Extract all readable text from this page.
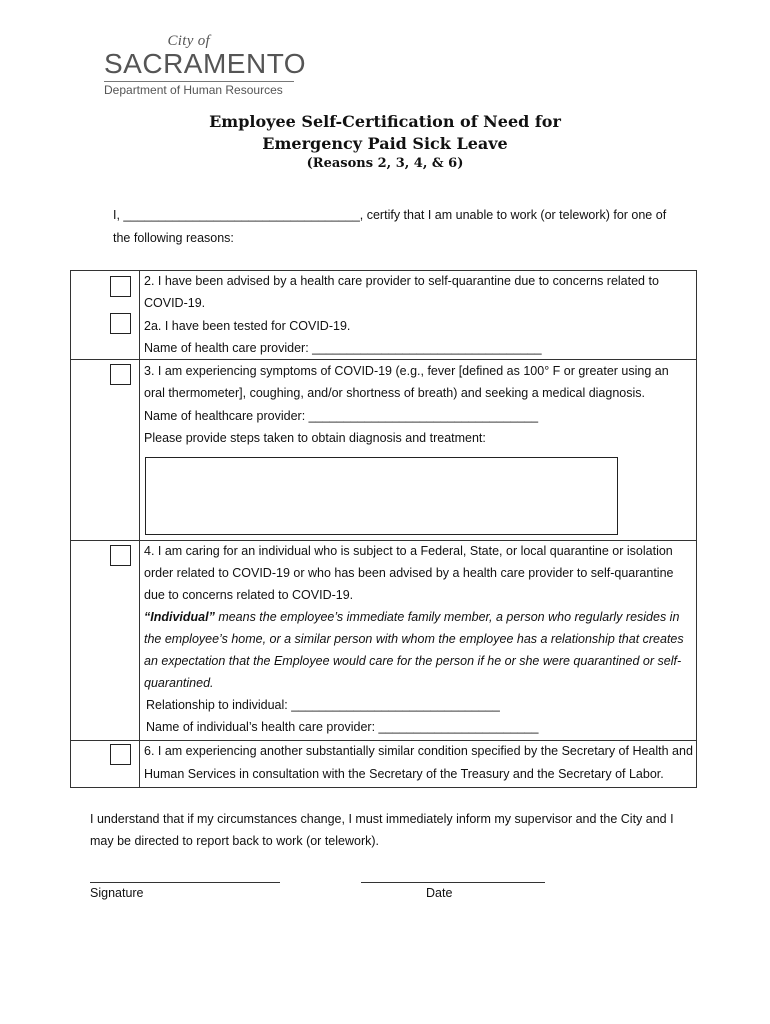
City of
SACRAMENTO
Department of Human Resources
Employee Self-Certification of Need for
Emergency Paid Sick Leave
(Reasons 2, 3, 4, & 6)
I, __________________________________, certify that I am unable to work (or telework) for one of
the following reasons:
2. I have been advised by a health care provider to self-quarantine due to concerns related to
COVID-19.
2a. I have been tested for COVID-19.
Name of health care provider: _________________________________
3. I am experiencing symptoms of COVID-19 (e.g., fever [defined as 100° F or greater using an
oral thermometer], coughing, and/or shortness of breath) and seeking a medical diagnosis.
Name of healthcare provider: _________________________________
Please provide steps taken to obtain diagnosis and treatment:
4. I am caring for an individual who is subject to a Federal, State, or local quarantine or isolation
order related to COVID-19 or who has been advised by a health care provider to self-quarantine
due to concerns related to COVID-19.
“Individual” means the employee’s immediate family member, a person who regularly resides in
the employee’s home, or a similar person with whom the employee has a relationship that creates
an expectation that the Employee would care for the person if he or she were quarantined or self-
quarantined.
Relationship to individual: ______________________________
Name of individual’s health care provider: _______________________
6. I am experiencing another substantially similar condition specified by the Secretary of Health and
Human Services in consultation with the Secretary of the Treasury and the Secretary of Labor.
I understand that if my circumstances change, I must immediately inform my supervisor and the City and I
may be directed to report back to work (or telework).
Signature	Date
